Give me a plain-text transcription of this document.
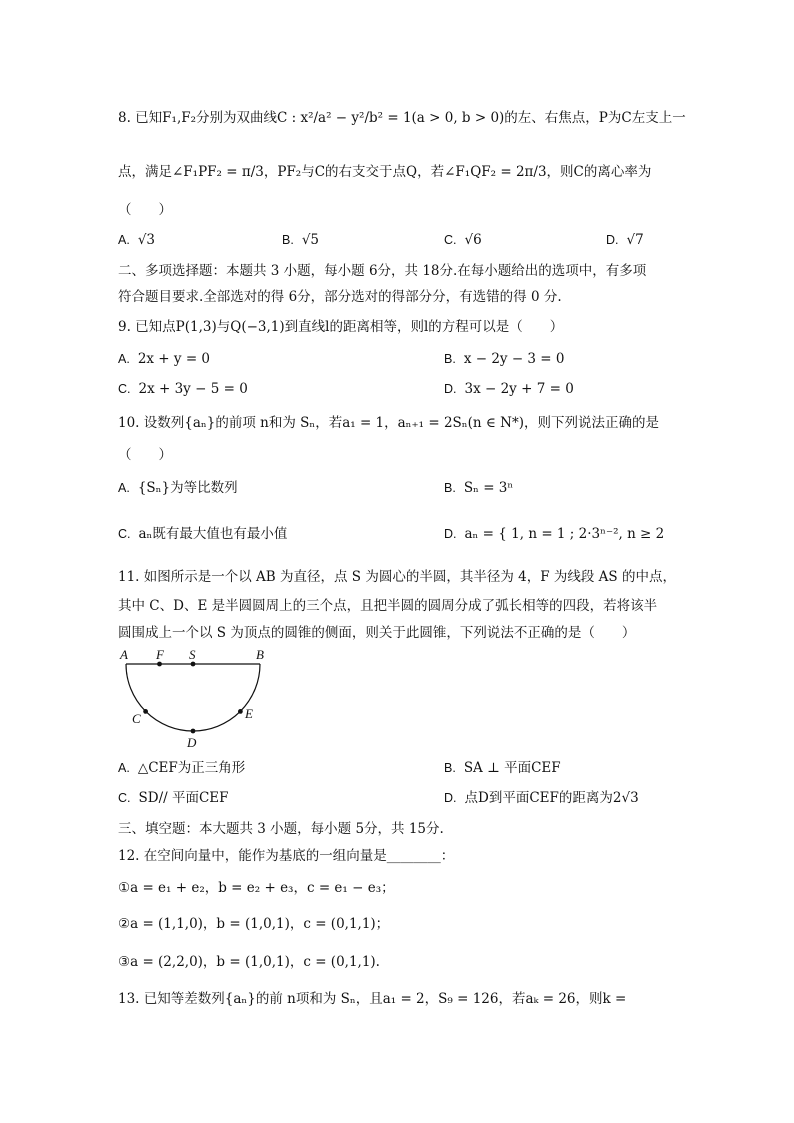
8. 已知F₁,F₂分别为双曲线C : x²/a² − y²/b² = 1(a > 0, b > 0)的左、右焦点，P为C左支上一
点，满足∠F₁PF₂ = π/3，PF₂与C的右支交于点Q，若∠F₁QF₂ = 2π/3，则C的离心率为
（　　）
A. √3	B. √5	C. √6	D. √7
二、多项选择题：本题共 3 小题，每小题 6分，共 18分.在每小题给出的选项中，有多项
符合题目要求.全部选对的得 6分，部分选对的得部分分，有选错的得 0 分.
9. 已知点P(1,3)与Q(−3,1)到直线l的距离相等，则l的方程可以是（　　）
A. 2x + y = 0	B. x − 2y − 3 = 0
C. 2x + 3y − 5 = 0	D. 3x − 2y + 7 = 0
10. 设数列{aₙ}的前项 n和为 Sₙ，若a₁ = 1，aₙ₊₁ = 2Sₙ(n ∈ N*)，则下列说法正确的是
（　　）
A. {Sₙ}为等比数列	B. Sₙ = 3ⁿ
C. aₙ既有最大值也有最小值	D. aₙ = { 1, n = 1 ; 2·3ⁿ⁻², n ≥ 2
11. 如图所示是一个以 AB 为直径，点 S 为圆心的半圆，其半径为 4，F 为线段 AS 的中点，
其中 C、D、E 是半圆圆周上的三个点，且把半圆的圆周分成了弧长相等的四段，若将该半
圆围成上一个以 S 为顶点的圆锥的侧面，则关于此圆锥，下列说法不正确的是（　　）
A F S	B
C
D
E
A. △CEF为正三角形	B. SA ⊥ 平面CEF
C. SD// 平面CEF	D. 点D到平面CEF的距离为2√3
三、填空题：本大题共 3 小题，每小题 5分，共 15分.
12. 在空间向量中，能作为基底的一组向量是________：
①a = e₁ + e₂，b = e₂ + e₃，c = e₁ − e₃；
②a = (1,1,0)，b = (1,0,1)，c = (0,1,1)；
③a = (2,2,0)，b = (1,0,1)，c = (0,1,1).
13. 已知等差数列{aₙ}的前 n项和为 Sₙ，且a₁ = 2，S₉ = 126，若aₖ = 26，则k =
